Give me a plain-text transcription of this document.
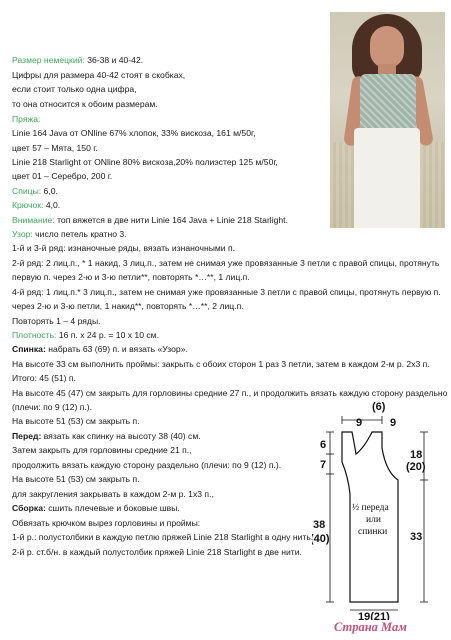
Размер немецкий: 36-38 и 40-42.
Цифры для размера 40-42 стоят в скобках,
если стоит только одна цифра,
то она относится к обоим размерам.
Пряжа:
Linie 164 Java от ONline 67% хлопок, 33% вискоза, 161 м/50г,
цвет 57 – Мята, 150 г.
Linie 218 Starlight от ONline 80% вискоза,20% полиэстер 125 м/50г,
цвет 01 – Серебро, 200 г.
Спицы: 6,0.
Крючок: 4,0.
Внимание: топ вяжется в две нити Linie 164 Java + Linie 218 Starlight.
Узор: число петель кратно 3.
1-й и 3-й ряд: изнаночные ряды, вязать изнаночными п.
2-й ряд: 2 лиц.п., * 1 накид, 3 лиц.п., затем не снимая уже провязанные 3 петли с правой спицы, протянуть
первую п. через 2-ю и 3-ю петли**, повторять *…**, 1 лиц.п.
4-й ряд: 1 лиц.п.* 3 лиц.п., затем не снимая уже провязанные 3 петли с правой спицы, протянуть первую п.
через 2-ю и 3-ю петли, 1 накид**, повторять *…**, 2 лиц.п.
Повторять 1 – 4 ряды.
Плотность: 16 п. х 24 р. = 10 х 10 см.
Спинка: набрать 63 (69) п. и вязать «Узор».
На высоте 33 см выполнить проймы: закрыть с обоих сторон 1 раз 3 петли, затем в каждом 2-м р. 2х3 п.
Итого: 45 (51) п.
На высоте 45 (47) см закрыть для горловины средние 27 п., и продолжить вязать каждую сторону раздельно
(плечи: по 9 (12) п.).
На высоте 51 (53) см закрыть п.
Перед: вязать как спинку на высоту 38 (40) см.
Затем закрыть для горловины средние 21 п.,
продолжить вязать каждую сторону раздельно (плечи: по 9 (12) п.).
На высоте 51 (53) см закрыть п.
для закругления закрывать в каждом 2-м р. 1х3 п.,
Сборка: сшить плечевые и боковые швы.
Обвязать крючком вырез горловины и проймы:
1-й р.: полустолбики в каждую петлю пряжей Linie 218 Starlight в одну нить.
2-й р. ст.б/н. в каждый полустолбик пряжей Linie 218 Starlight в две нити.
(6)
9	9
6
7
18
(20)
38
40)	33
½ переда
или
спинки
19(21)
Страна Мам
